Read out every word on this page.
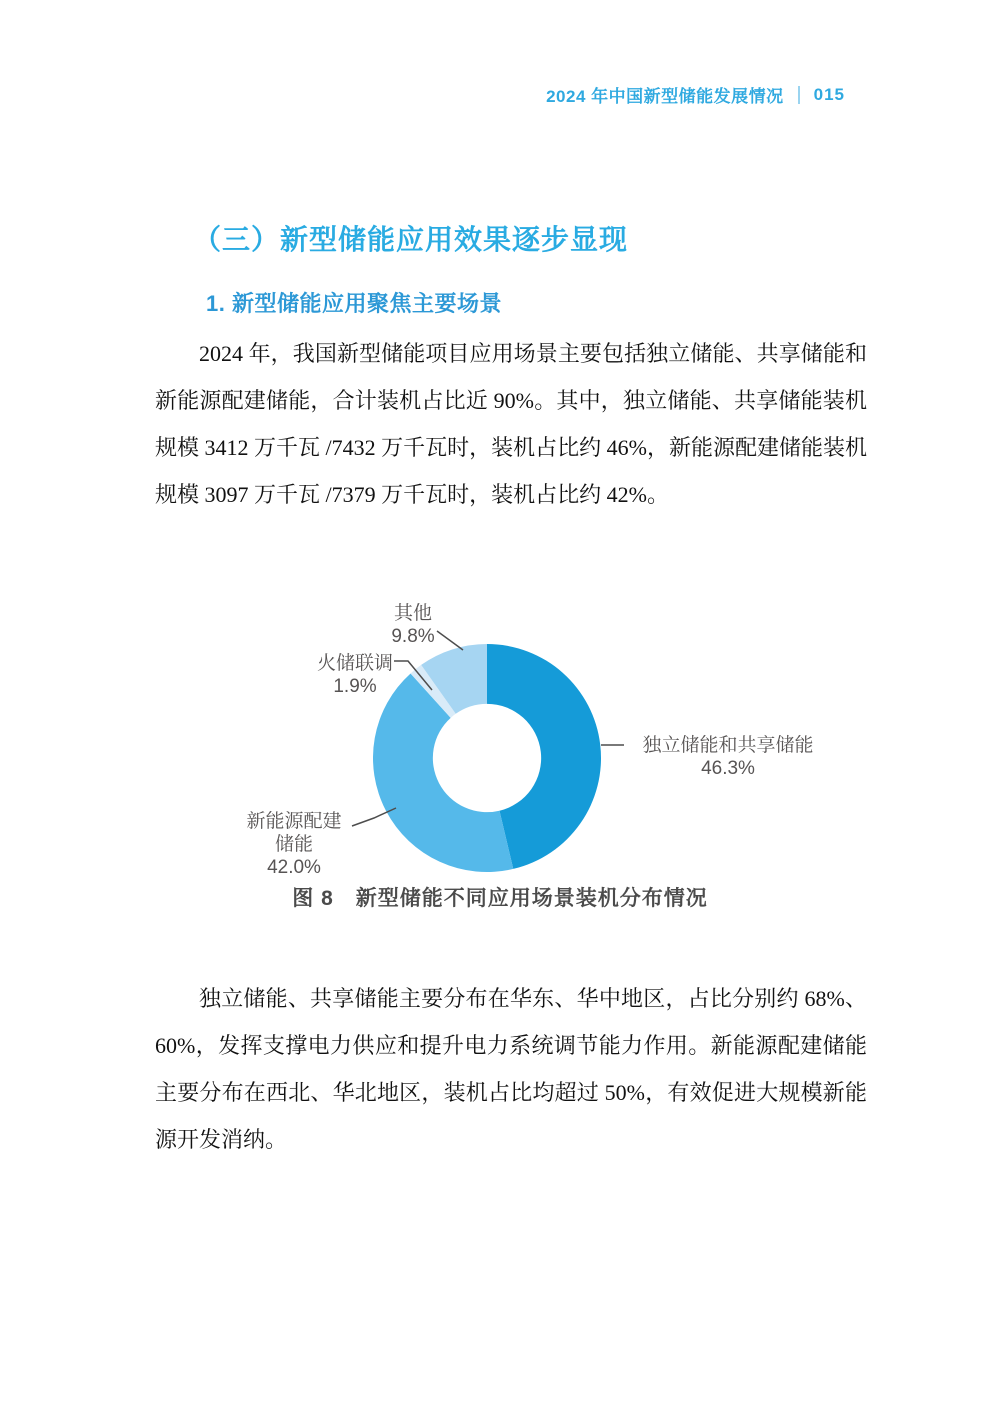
2024 年中国新型储能发展情况 015
（三）新型储能应用效果逐步显现
1. 新型储能应用聚焦主要场景

2024 年，我国新型储能项目应用场景主要包括独立储能、共享储能和新能源配建储能，合计装机占比近 90%。其中，独立储能、共享储能装机规模 3412 万千瓦 /7432 万千瓦时，装机占比约 46%，新能源配建储能装机规模 3097 万千瓦 /7379 万千瓦时，装机占比约 42%。

其他
9.8%
火储联调
1.9%
独立储能和共享储能
46.3%
新能源配建储能
42.0%
图 8　新型储能不同应用场景装机分布情况

独立储能、共享储能主要分布在华东、华中地区，占比分别约 68%、60%，发挥支撑电力供应和提升电力系统调节能力作用。新能源配建储能主要分布在西北、华北地区，装机占比均超过 50%，有效促进大规模新能源开发消纳。
